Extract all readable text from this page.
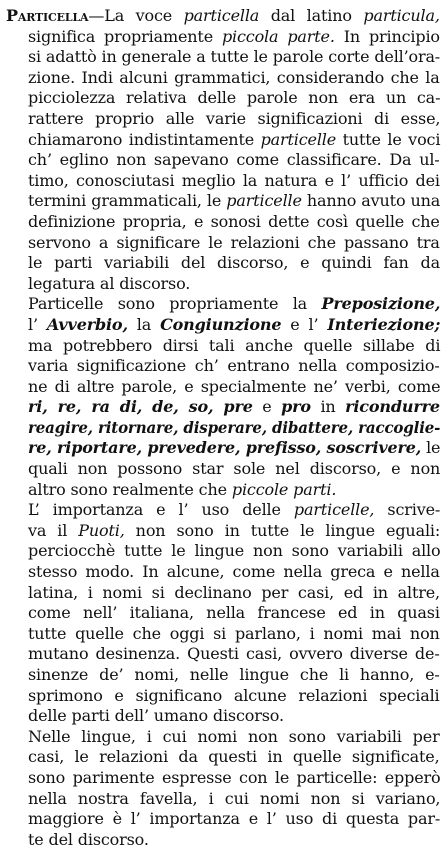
Particella—La voce particella dal latino particula,
significa propriamente piccola parte. In principio
si adattò in generale a tutte le parole corte dell’ora-
zione. Indi alcuni grammatici, considerando che la
picciolezza relativa delle parole non era un ca-
rattere proprio alle varie significazioni di esse,
chiamarono indistintamente particelle tutte le voci
ch’ eglino non sapevano come classificare. Da ul-
timo, conosciutasi meglio la natura e l’ ufficio dei
termini grammaticali, le particelle hanno avuto una
definizione propria, e sonosi dette così quelle che
servono a significare le relazioni che passano tra
le parti variabili del discorso, e quindi fan da
legatura al discorso.
Particelle sono propriamente la Preposizione,
l’ Avverbio, la Congiunzione e l’ Interiezione;
ma potrebbero dirsi tali anche quelle sillabe di
varia significazione ch’ entrano nella composizio-
ne di altre parole, e specialmente ne’ verbi, come
ri, re, ra di, de, so, pre e pro in ricondurre
reagire, ritornare, disperare, dibattere, raccoglie-
re, riportare, prevedere, prefisso, soscrivere, le
quali non possono star sole nel discorso, e non
altro sono realmente che piccole parti.
L’ importanza e l’ uso delle particelle, scrive-
va il Puoti, non sono in tutte le lingue eguali:
perciocchè tutte le lingue non sono variabili allo
stesso modo. In alcune, come nella greca e nella
latina, i nomi si declinano per casi, ed in altre,
come nell’ italiana, nella francese ed in quasi
tutte quelle che oggi si parlano, i nomi mai non
mutano desinenza. Questi casi, ovvero diverse de-
sinenze de’ nomi, nelle lingue che li hanno, e-
sprimono e significano alcune relazioni speciali
delle parti dell’ umano discorso.
Nelle lingue, i cui nomi non sono variabili per
casi, le relazioni da questi in quelle significate,
sono parimente espresse con le particelle: epperò
nella nostra favella, i cui nomi non si variano,
maggiore è l’ importanza e l’ uso di questa par-
te del discorso.
